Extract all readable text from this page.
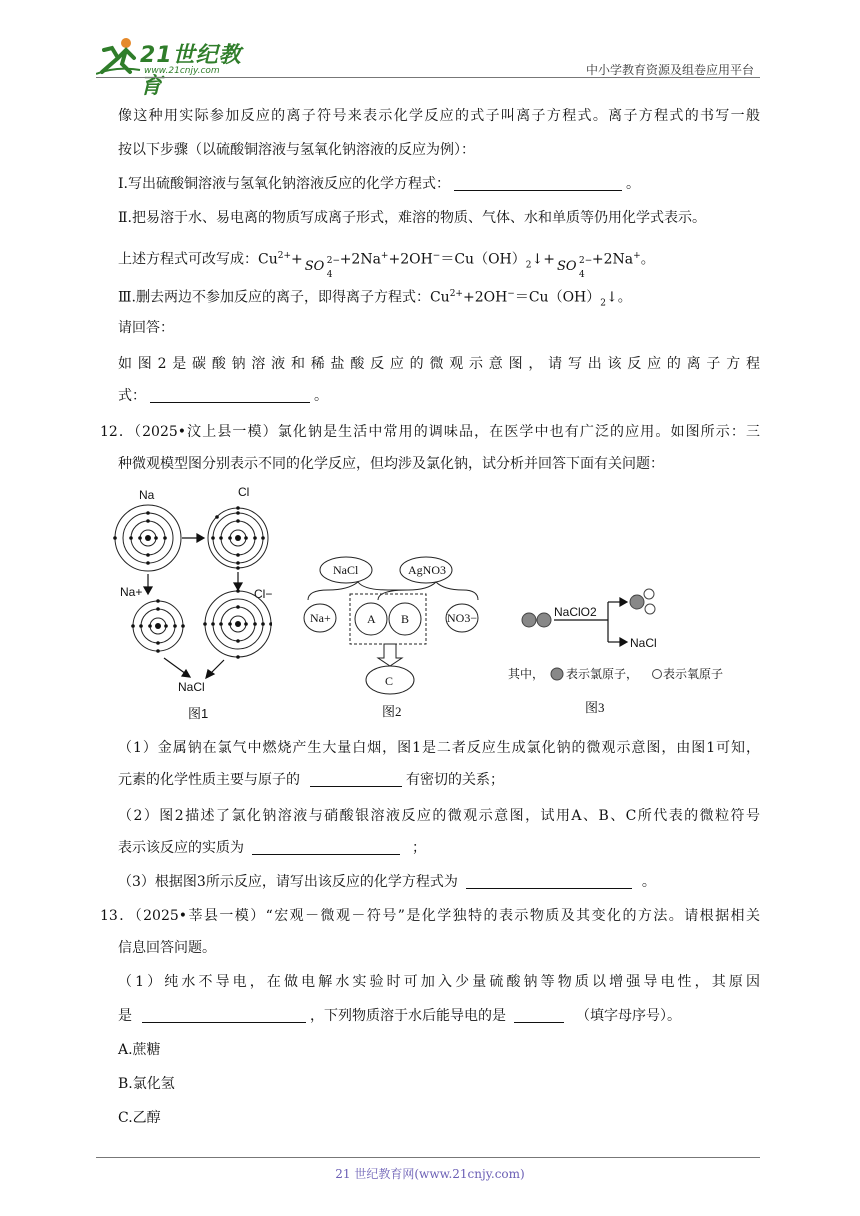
21世纪教育
www.21cnjy.com	中小学教育资源及组卷应用平台
像这种用实际参加反应的离子符号来表示化学反应的式子叫离子方程式。离子方程式的书写一般
按以下步骤（以硫酸铜溶液与氢氧化钠溶液的反应为例）：
Ⅰ.写出硫酸铜溶液与氢氧化钠溶液反应的化学方程式：	。
Ⅱ.把易溶于水、易电离的物质写成离子形式，难溶的物质、气体、水和单质等仍用化学式表示。
上述方程式可改写成：$Cu^{2+}+$ SO 2−
4
$+2Na^++2OH^-=Cu(OH)_2↓+$ SO 2−
4
+2Na+。
Ⅲ.删去两边不参加反应的离子，即得离子方程式：$Cu^{2+}+2OH^-=Cu(OH)_2↓$。
请回答：
如图2是碳酸钠溶液和稀盐酸反应的微观示意图，请写出该反应的离子方程
式：	。
12．（2025•汶上县一模）氯化钠是生活中常用的调味品，在医学中也有广泛的应用。如图所示：三
种微观模型图分别表示不同的化学反应，但均涉及氯化钠，试分析并回答下面有关问题：
Na	Cl
Na+	Cl−
NaCl
图1
NaCl	AgNO3
Na+	A B	NO3−
C
图2
NaClO2
NaCl
其中， 表示氯原子， 表示氧原子
图3
（1）金属钠在氯气中燃烧产生大量白烟，图1是二者反应生成氯化钠的微观示意图，由图1可知，
元素的化学性质主要与原子的	有密切的关系；
（2）图2描述了氯化钠溶液与硝酸银溶液反应的微观示意图，试用A、B、C所代表的微粒符号
表示该反应的实质为	；
（3）根据图3所示反应，请写出该反应的化学方程式为	。
13．（2025•莘县一模）“宏观－微观－符号”是化学独特的表示物质及其变化的方法。请根据相关
信息回答问题。
（1）纯水不导电，在做电解水实验时可加入少量硫酸钠等物质以增强导电性，其原因
是	，下列物质溶于水后能导电的是	（填字母序号）。
A.蔗糖
B.氯化氢
C.乙醇
21 世纪教育网(www.21cnjy.com)
